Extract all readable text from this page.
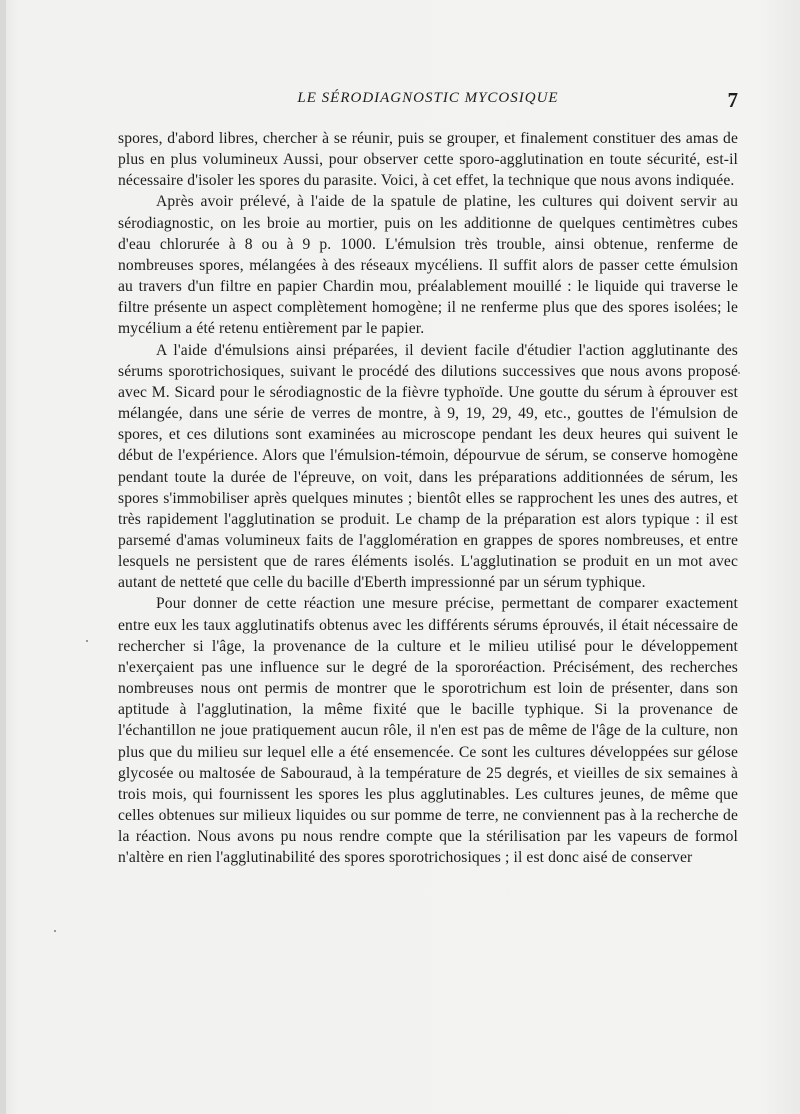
LE SÉRODIAGNOSTIC MYCOSIQUE	7

spores, d'abord libres, chercher à se réunir, puis se grouper, et finalement constituer des amas de plus en plus volumineux Aussi, pour observer cette sporo-agglutination en toute sécurité, est-il nécessaire d'isoler les spores du parasite. Voici, à cet effet, la technique que nous avons indiquée.

Après avoir prélevé, à l'aide de la spatule de platine, les cultures qui doivent servir au sérodiagnostic, on les broie au mortier, puis on les additionne de quelques centimètres cubes d'eau chlorurée à 8 ou à 9 p. 1000. L'émulsion très trouble, ainsi obtenue, renferme de nombreuses spores, mélangées à des réseaux mycéliens. Il suffit alors de passer cette émulsion au travers d'un filtre en papier Chardin mou, préalablement mouillé : le liquide qui traverse le filtre présente un aspect complètement homogène; il ne renferme plus que des spores isolées; le mycélium a été retenu entièrement par le papier.

A l'aide d'émulsions ainsi préparées, il devient facile d'étudier l'action agglutinante des sérums sporotrichosiques, suivant le procédé des dilutions successives que nous avons proposé avec M. Sicard pour le sérodiagnostic de la fièvre typhoïde. Une goutte du sérum à éprouver est mélangée, dans une série de verres de montre, à 9, 19, 29, 49, etc., gouttes de l'émulsion de spores, et ces dilutions sont examinées au microscope pendant les deux heures qui suivent le début de l'expérience. Alors que l'émulsion-témoin, dépourvue de sérum, se conserve homogène pendant toute la durée de l'épreuve, on voit, dans les préparations additionnées de sérum, les spores s'immobiliser après quelques minutes ; bientôt elles se rapprochent les unes des autres, et très rapidement l'agglutination se produit. Le champ de la préparation est alors typique : il est parsemé d'amas volumineux faits de l'agglomération en grappes de spores nombreuses, et entre lesquels ne persistent que de rares éléments isolés. L'agglutination se produit en un mot avec autant de netteté que celle du bacille d'Eberth impressionné par un sérum typhique.

Pour donner de cette réaction une mesure précise, permettant de comparer exactement entre eux les taux agglutinatifs obtenus avec les différents sérums éprouvés, il était nécessaire de rechercher si l'âge, la provenance de la culture et le milieu utilisé pour le développement n'exerçaient pas une influence sur le degré de la spororéaction. Précisément, des recherches nombreuses nous ont permis de montrer que le sporotrichum est loin de présenter, dans son aptitude à l'agglutination, la même fixité que le bacille typhique. Si la provenance de l'échantillon ne joue pratiquement aucun rôle, il n'en est pas de même de l'âge de la culture, non plus que du milieu sur lequel elle a été ensemencée. Ce sont les cultures développées sur gélose glycosée ou maltosée de Sabouraud, à la température de 25 degrés, et vieilles de six semaines à trois mois, qui fournissent les spores les plus agglutinables. Les cultures jeunes, de même que celles obtenues sur milieux liquides ou sur pomme de terre, ne conviennent pas à la recherche de la réaction. Nous avons pu nous rendre compte que la stérilisation par les vapeurs de formol n'altère en rien l'agglutinabilité des spores sporotrichosiques ; il est donc aisé de conserver
